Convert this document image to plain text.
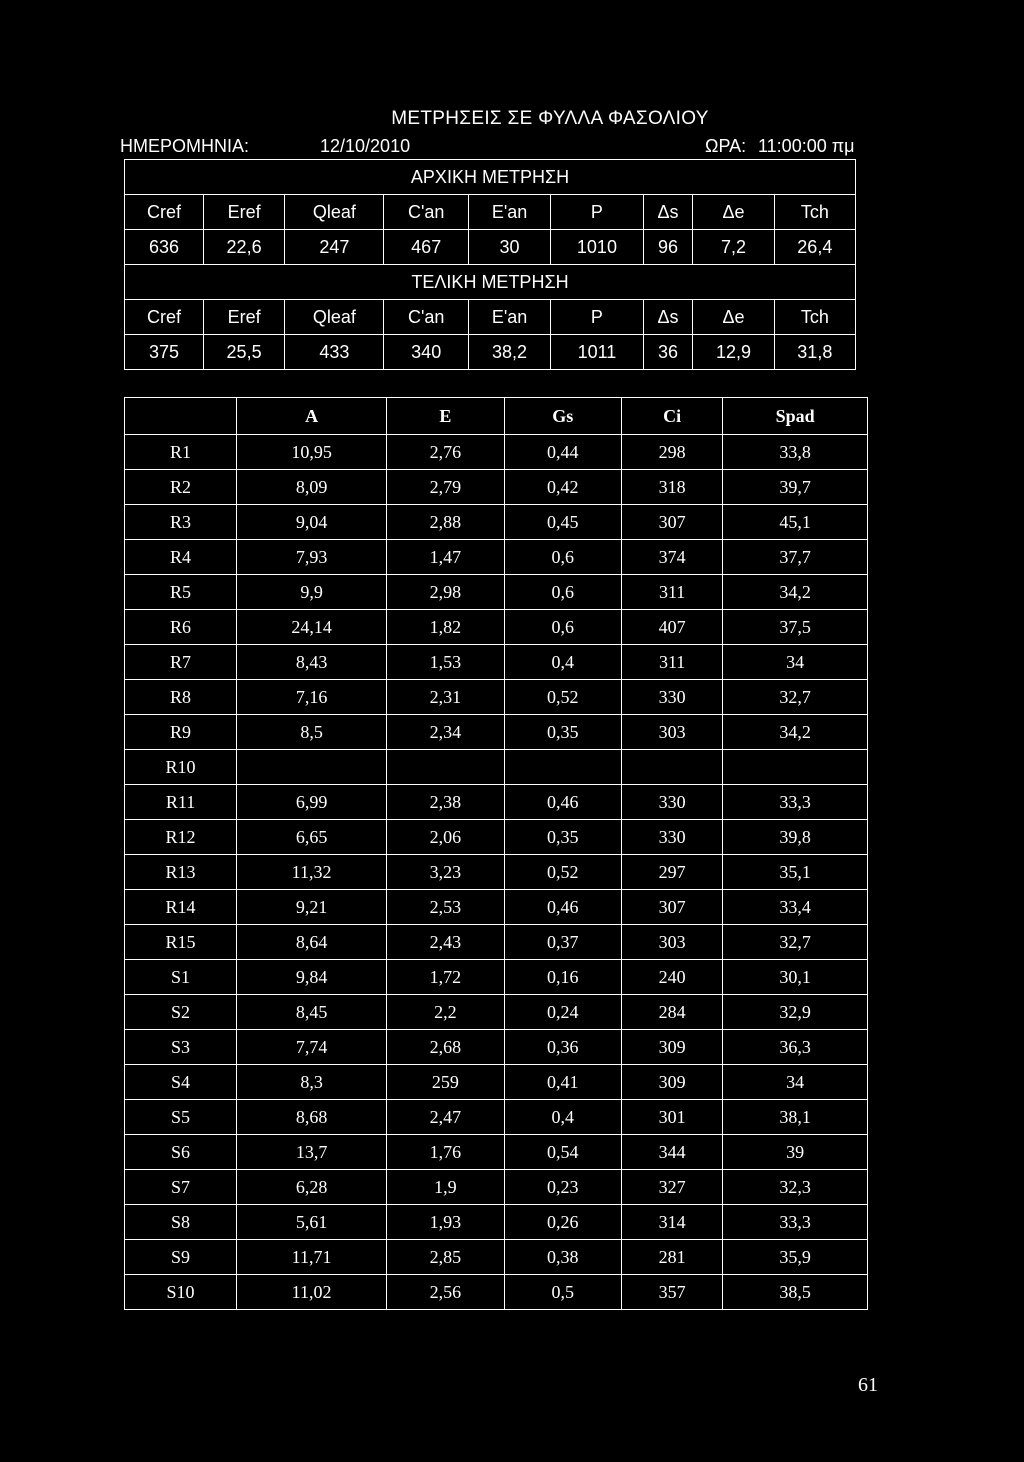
ΜΕΤΡΗΣΕΙΣ ΣΕ ΦΥΛΛΑ ΦΑΣΟΛΙΟΥ
ΗΜΕΡΟΜΗΝΙΑ:	12/10/2010	ΩΡΑ: 11:00:00 πμ
ΑΡΧΙΚΗ ΜΕΤΡΗΣΗ								
Cref	Eref	Qleaf	C'an	E'an	P	Δs	Δe	Tch
636	22,6	247	467	30	1010	96	7,2	26,4
ΤΕΛΙΚΗ ΜΕΤΡΗΣΗ								
Cref	Eref	Qleaf	C'an	E'an	P	Δs	Δe	Tch
375	25,5	433	340	38,2	1011	36	12,9	31,8
	A	E	Gs	Ci	Spad
R1	10,95	2,76	0,44	298	33,8
R2	8,09	2,79	0,42	318	39,7
R3	9,04	2,88	0,45	307	45,1
R4	7,93	1,47	0,6	374	37,7
R5	9,9	2,98	0,6	311	34,2
R6	24,14	1,82	0,6	407	37,5
R7	8,43	1,53	0,4	311	34
R8	7,16	2,31	0,52	330	32,7
R9	8,5	2,34	0,35	303	34,2
R10					
R11	6,99	2,38	0,46	330	33,3
R12	6,65	2,06	0,35	330	39,8
R13	11,32	3,23	0,52	297	35,1
R14	9,21	2,53	0,46	307	33,4
R15	8,64	2,43	0,37	303	32,7
S1	9,84	1,72	0,16	240	30,1
S2	8,45	2,2	0,24	284	32,9
S3	7,74	2,68	0,36	309	36,3
S4	8,3	259	0,41	309	34
S5	8,68	2,47	0,4	301	38,1
S6	13,7	1,76	0,54	344	39
S7	6,28	1,9	0,23	327	32,3
S8	5,61	1,93	0,26	314	33,3
S9	11,71	2,85	0,38	281	35,9
S10	11,02	2,56	0,5	357	38,5
61
